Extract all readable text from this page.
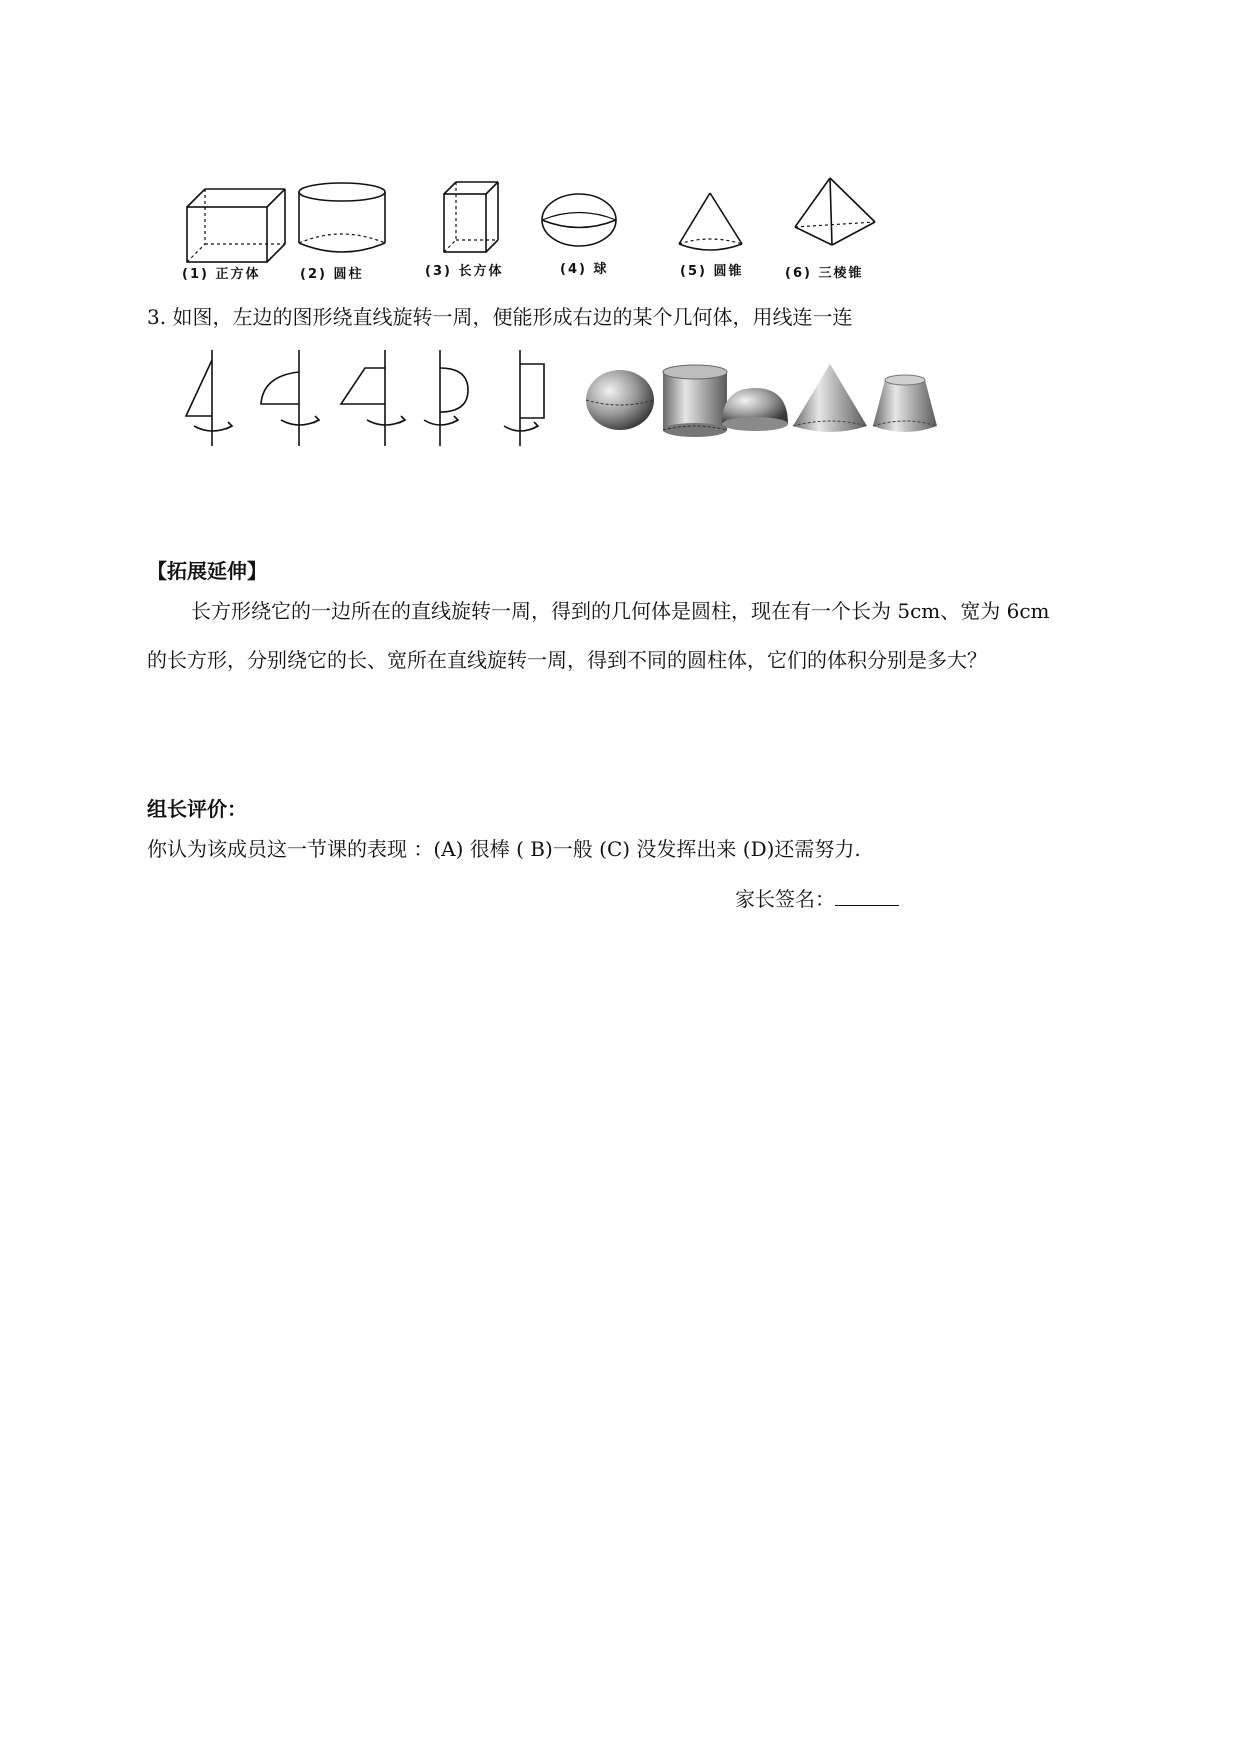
(1) 正方体	(2) 圆柱	(3) 长方体	(4) 球	(5) 圆锥	(6) 三棱锥
3. 如图，左边的图形绕直线旋转一周，便能形成右边的某个几何体，用线连一连
【拓展延伸】
长方形绕它的一边所在的直线旋转一周，得到的几何体是圆柱，现在有一个长为 5cm、宽为 6cm
的长方形，分别绕它的长、宽所在直线旋转一周，得到不同的圆柱体，它们的体积分别是多大？
组长评价：
你认为该成员这一节课的表现 ：(A) 很棒 ( B)一般 (C) 没发挥出来 (D)还需努力.
家长签名：
